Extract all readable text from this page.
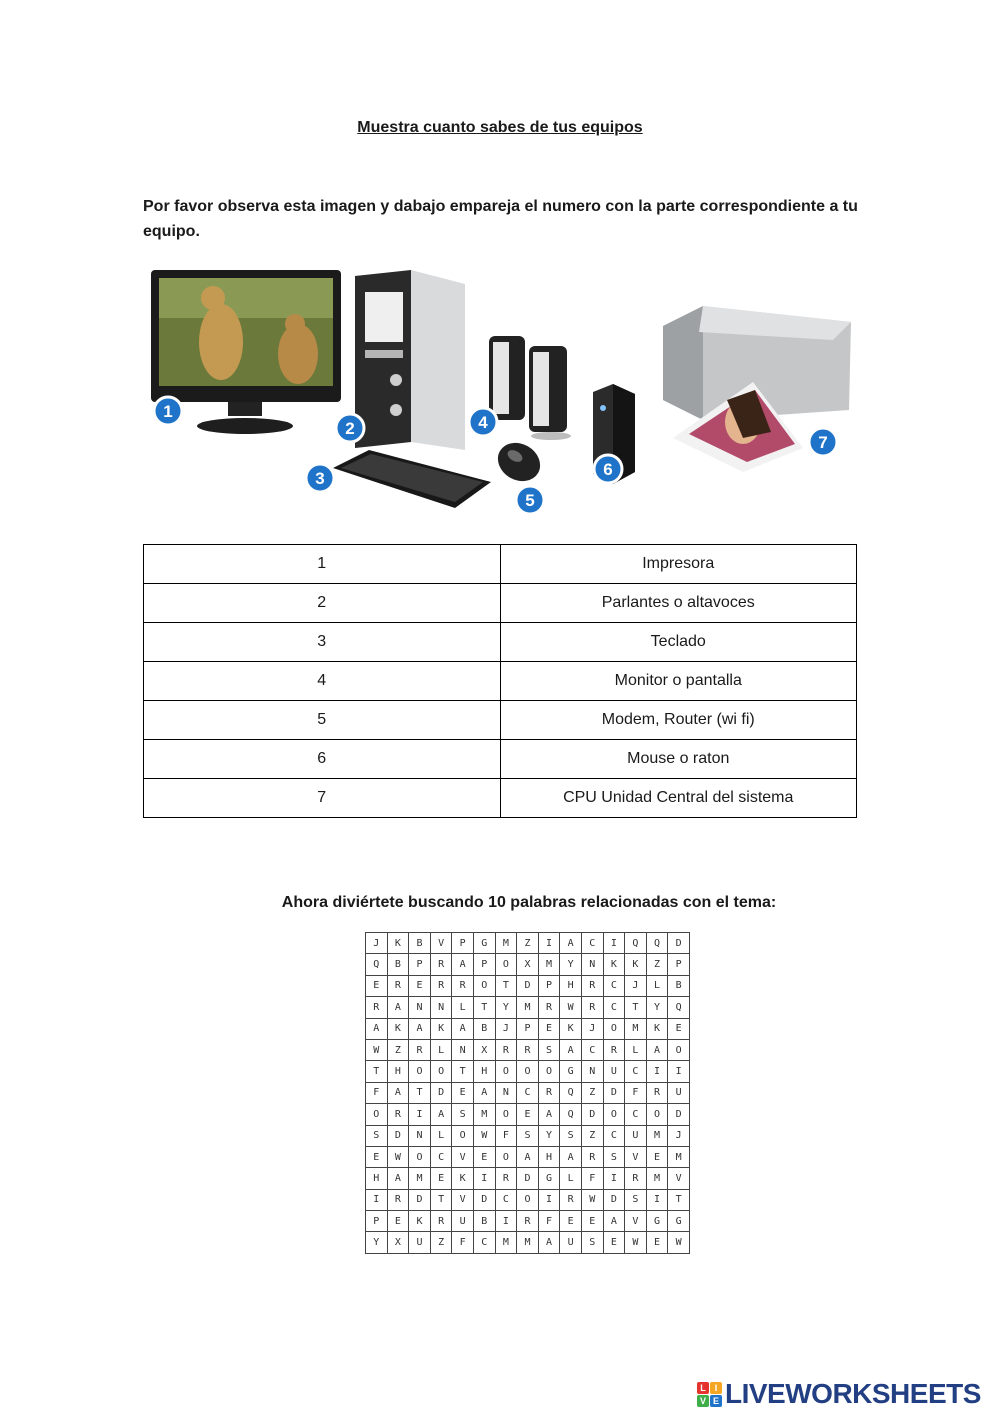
Muestra cuanto sabes de tus equipos
Por favor observa esta imagen y dabajo empareja el numero con la parte correspondiente a tu equipo.
1
2
3
4
5
6
7
1	Impresora
2	Parlantes o altavoces
3	Teclado
4	Monitor o pantalla
5	Modem, Router (wi fi)
6	Mouse o raton
7	CPU Unidad Central del sistema
Ahora diviértete buscando 10 palabras relacionadas con el tema:
J	K	B	V	P	G	M	Z	I	A	C	I	Q	Q	D
Q	B	P	R	A	P	O	X	M	Y	N	K	K	Z	P
E	R	E	R	R	O	T	D	P	H	R	C	J	L	B
R	A	N	N	L	T	Y	M	R	W	R	C	T	Y	Q
A	K	A	K	A	B	J	P	E	K	J	O	M	K	E
W	Z	R	L	N	X	R	R	S	A	C	R	L	A	O
T	H	O	O	T	H	O	O	O	G	N	U	C	I	I
F	A	T	D	E	A	N	C	R	Q	Z	D	F	R	U
O	R	I	A	S	M	O	E	A	Q	D	O	C	O	D
S	D	N	L	O	W	F	S	Y	S	Z	C	U	M	J
E	W	O	C	V	E	O	A	H	A	R	S	V	E	M
H	A	M	E	K	I	R	D	G	L	F	I	R	M	V
I	R	D	T	V	D	C	O	I	R	W	D	S	I	T
P	E	K	R	U	B	I	R	F	E	E	A	V	G	G
Y	X	U	Z	F	C	M	M	A	U	S	E	W	E	W
L I
V E LIVEWORKSHEETS
